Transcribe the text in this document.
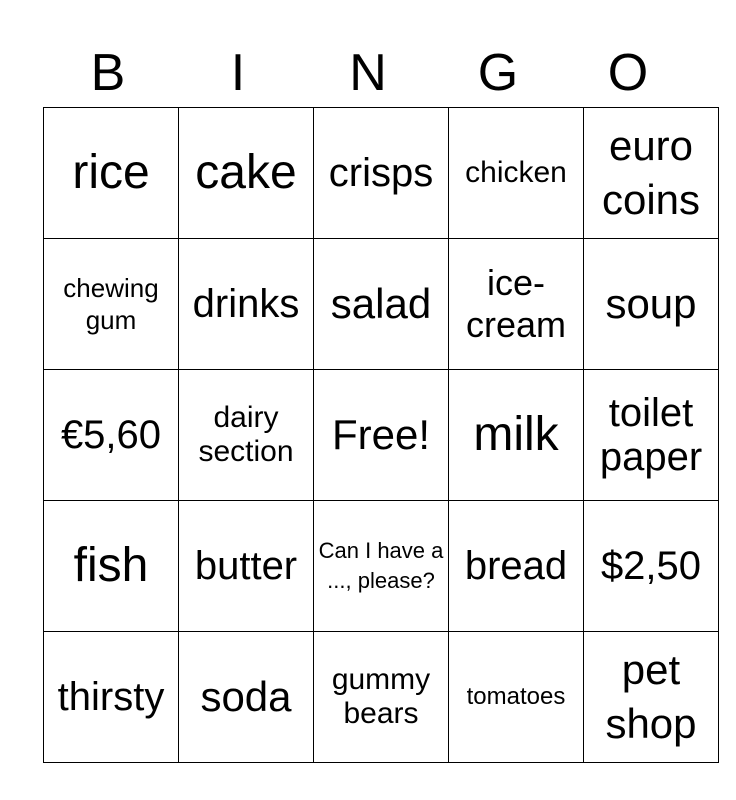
B	I	N	G	O
rice	cake	crisps	chicken	euro coins
chewing gum	drinks	salad	ice-cream	soup
€5,60	dairy section	Free!	milk	toilet paper
fish	butter	Can I have a ..., please?	bread	$2,50
thirsty	soda	gummy bears	tomatoes	pet shop
